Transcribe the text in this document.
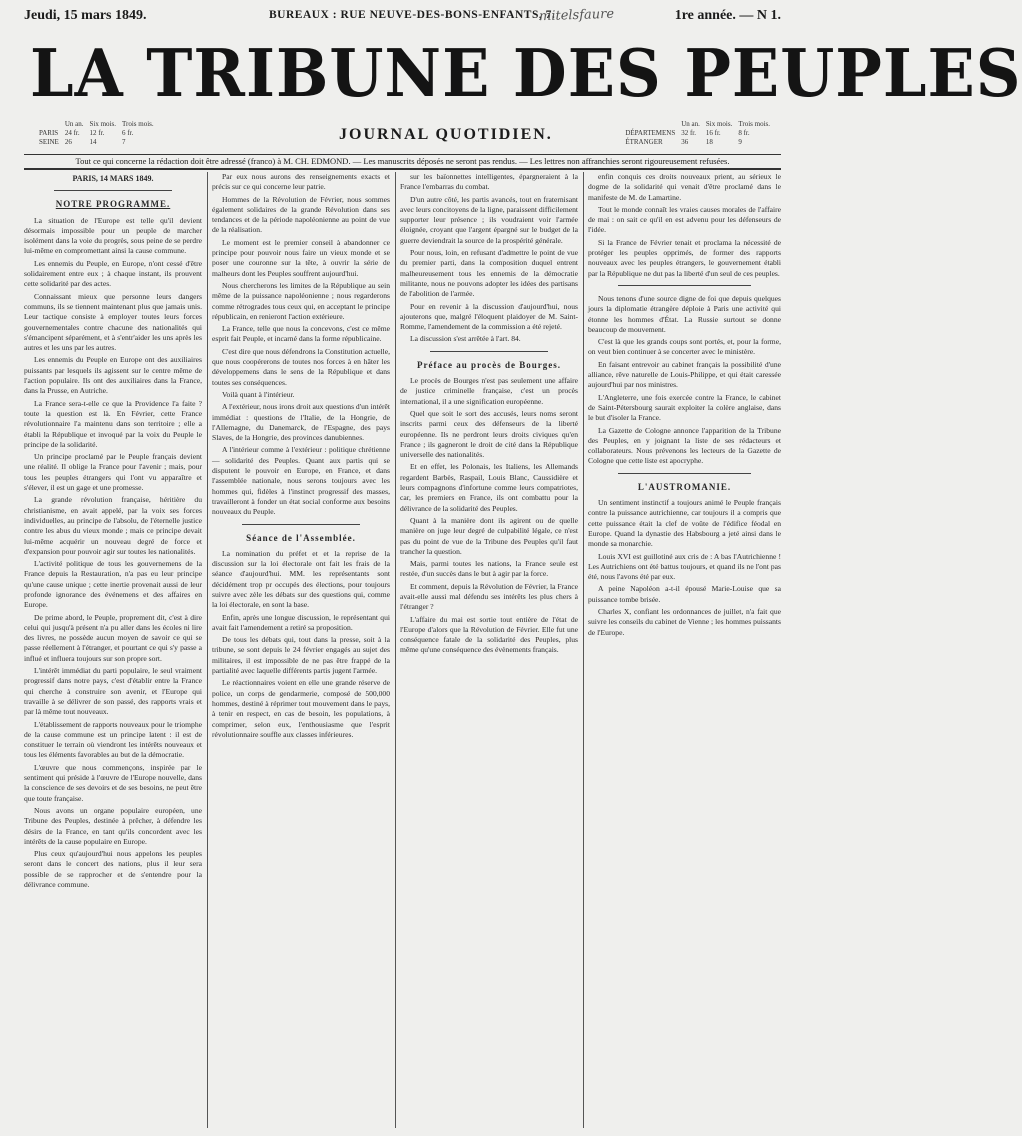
Jeudi, 15 mars 1849.	BUREAUX : RUE NEUVE-DES-BONS-ENFANTS, 7.
mitelsfaure	1re année. — N 1.
LA TRIBUNE DES PEUPLES
	Un an.	Six mois.	Trois mois.
PARIS	24 fr.	12 fr.	6 fr.
SEINE	26	14	7	JOURNAL QUOTIDIEN.
	Un an.	Six mois.	Trois mois.
DÉPARTEMENS	32 fr.	16 fr.	8 fr.
ÉTRANGER	36	18	9
Tout ce qui concerne la rédaction doit être adressé (franco) à M. CH. EDMOND. — Les manuscrits déposés ne seront pas rendus. — Les lettres non affranchies seront rigoureusement refusées.
PARIS, 14 MARS 1849.
NOTRE PROGRAMME.

La situation de l'Europe est telle qu'il devient désormais impossible pour un peuple de marcher isolément dans la voie du progrès, sous peine de se perdre lui-même en compromettant ainsi la cause commune.

Les ennemis du Peuple, en Europe, n'ont cessé d'être solidairement entre eux ; à chaque instant, ils prouvent cette solidarité par des actes.

Connaissant mieux que personne leurs dangers communs, ils se tiennent maintenant plus que jamais unis. Leur tactique consiste à employer toutes leurs forces gouvernementales contre chacune des nationalités qui s'émancipent séparément, et à s'entr'aider les uns après les autres et les uns par les autres.

Les ennemis du Peuple en Europe ont des auxiliaires puissants par lesquels ils agissent sur le centre même de l'action populaire. Ils ont des auxiliaires dans la France, dans la Prusse, en Autriche.

La France sera-t-elle ce que la Providence l'a faite ? toute la question est là. En Février, cette France révolutionnaire l'a maintenu dans son territoire ; elle a établi la République et invoqué par la voix du Peuple le principe de la solidarité.

Un principe proclamé par le Peuple français devient une réalité. Il oblige la France pour l'avenir ; mais, pour tous les peuples étrangers qui l'ont vu apparaître et s'élever, il est un gage et une promesse.

La grande révolution française, héritière du christianisme, en avait appelé, par la voix ses forces individuelles, au principe de l'absolu, de l'éternelle justice contre les abus du vieux monde ; mais ce principe devait lui-même acquérir un nouveau degré de force et d'expansion pour pouvoir agir sur toutes les nationalités.

L'activité politique de tous les gouvernemens de la France depuis la Restauration, n'a pas eu leur principe qu'une cause unique ; cette inertie provenait aussi de leur profonde ignorance des événemens et des affaires en Europe.

De prime abord, le Peuple, proprement dit, c'est à dire celui qui jusqu'à présent n'a pu aller dans les écoles ni lire des livres, ne possède aucun moyen de savoir ce qui se passe réellement à l'étranger, et pourtant ce qui s'y passe a influé et influera toujours sur son propre sort.

L'intérêt immédiat du parti populaire, le seul vraiment progressif dans notre pays, c'est d'établir entre la France qui cherche à construire son avenir, et l'Europe qui travaille à se délivrer de son passé, des rapports vrais et par là même tout nouveaux.

L'établissement de rapports nouveaux pour le triomphe de la cause commune est un principe latent : il est de constituer le terrain où viendront les intérêts nouveaux et tous les éléments favorables au but de la démocratie.

L'œuvre que nous commençons, inspirée par le sentiment qui préside à l'œuvre de l'Europe nouvelle, dans la conscience de ses devoirs et de ses besoins, ne peut être que toute française.

Nous avons un organe populaire européen, une Tribune des Peuples, destinée à prêcher, à défendre les désirs de la France, en tant qu'ils concordent avec les intérêts de la cause populaire en Europe.

Plus ceux qu'aujourd'hui nous appelons les peuples seront dans le concert des nations, plus il leur sera possible de se rapprocher et de s'entendre pour la délivrance commune.

Par eux nous aurons des renseignements exacts et précis sur ce qui concerne leur patrie.

Hommes de la Révolution de Février, nous sommes également solidaires de la grande Révolution dans ses tendances et de la période napoléonienne au point de vue de la réalisation.

Le moment est le premier conseil à abandonner ce principe pour pouvoir nous faire un vieux monde et se poser une couronne sur la tête, à ouvrir la série de malheurs dont les Peuples souffrent aujourd'hui.

Nous chercherons les limites de la République au sein même de la puissance napoléonienne ; nous regarderons comme rétrogrades tous ceux qui, en acceptant le principe républicain, en renieront l'action extérieure.

La France, telle que nous la concevons, c'est ce même esprit fait Peuple, et incarné dans la forme républicaine.

C'est dire que nous défendrons la Constitution actuelle, que nous coopérerons de toutes nos forces à en hâter les développemens dans le sens de la République et dans toutes ses conséquences.

Voilà quant à l'intérieur.

A l'extérieur, nous irons droit aux questions d'un intérêt immédiat : questions de l'Italie, de la Hongrie, de l'Allemagne, du Danemarck, de l'Espagne, des pays Slaves, de la Hongrie, des provinces danubiennes.

A l'intérieur comme à l'extérieur : politique chrétienne — solidarité des Peuples. Quant aux partis qui se disputent le pouvoir en Europe, en France, et dans l'assemblée nationale, nous serons toujours avec les hommes qui, fidèles à l'instinct progressif des masses, travailleront à fonder un état social conforme aux besoins nouveaux du Peuple.

Séance de l'Assemblée.

La nomination du préfet et et la reprise de la discussion sur la loi électorale ont fait les frais de la séance d'aujourd'hui. MM. les représentants sont décidément trop pr occupés des élections, pour toujours suivre avec zèle les débats sur des questions qui, comme la loi électorale, en sont la base.

Enfin, après une longue discussion, le représentant qui avait fait l'amendement a retiré sa proposition.

De tous les débats qui, tout dans la presse, soit à la tribune, se sont depuis le 24 février engagés au sujet des militaires, il est impossible de ne pas être frappé de la partialité avec laquelle différents partis jugent l'armée.

Le réactionnaires voient en elle une grande réserve de police, un corps de gendarmerie, composé de 500,000 hommes, destiné à réprimer tout mouvement dans le pays, à tenir en respect, en cas de besoin, les populations, à comprimer, selon eux, l'enthousiasme que l'esprit révolutionnaire souffle aux classes inférieures.

sur les baïonnettes intelligentes, épargneraient à la France l'embarras du combat.

D'un autre côté, les partis avancés, tout en fraternisant avec leurs concitoyens de la ligne, paraissent difficilement supporter leur présence ; ils voudraient voir l'armée éloignée, croyant que l'argent épargné sur le budget de la guerre deviendrait la source de la prospérité générale.

Pour nous, loin, en refusant d'admettre le point de vue du premier parti, dans la composition duquel entrent malheureusement tous les ennemis de la démocratie militante, nous ne pouvons adopter les idées des partisans de l'abolition de l'armée.

Pour en revenir à la discussion d'aujourd'hui, nous ajouterons que, malgré l'éloquent plaidoyer de M. Saint-Romme, l'amendement de la commission a été rejeté.

La discussion s'est arrêtée à l'art. 84.

Préface au procès de Bourges.

Le procès de Bourges n'est pas seulement une affaire de justice criminelle française, c'est un procès international, il a une signification européenne.

Quel que soit le sort des accusés, leurs noms seront inscrits parmi ceux des défenseurs de la liberté européenne. Ils ne perdront leurs droits civiques qu'en France ; ils gagneront le droit de cité dans la République universelle des nationalités.

Et en effet, les Polonais, les Italiens, les Allemands regardent Barbès, Raspail, Louis Blanc, Caussidière et leurs compagnons d'infortune comme leurs compatriotes, car, les premiers en France, ils ont combattu pour la délivrance de la solidarité des Peuples.

Quant à la manière dont ils agirent ou de quelle manière on juge leur degré de culpabilité légale, ce n'est pas du point de vue de la Tribune des Peuples qu'il faut trancher la question.

Mais, parmi toutes les nations, la France seule est restée, d'un succès dans le but à agir par la force.

Et comment, depuis la Révolution de Février, la France avait-elle aussi mal défendu ses intérêts les plus chers à l'étranger ?

L'affaire du mai est sortie tout entière de l'état de l'Europe d'alors que la Révolution de Février. Elle fut une conséquence fatale de la solidarité des Peuples, plus même qu'une conséquence des évènements français.

enfin conquis ces droits nouveaux prient, au sérieux le dogme de la solidarité qui venait d'être proclamé dans le manifeste de M. de Lamartine.

Tout le monde connaît les vraies causes morales de l'affaire de mai : on sait ce qu'il en est advenu pour les défenseurs de l'idée.

Si la France de Février tenait et proclama la nécessité de protéger les peuples opprimés, de former des rapports nouveaux avec les peuples étrangers, le gouvernement établi par la République ne dut pas la liberté d'un seul de ces peuples.

Nous tenons d'une source digne de foi que depuis quelques jours la diplomatie étrangère déploie à Paris une activité qui étonne les hommes d'État. La Russie surtout se donne beaucoup de mouvement.

C'est là que les grands coups sont portés, et, pour la forme, on veut bien continuer à se concerter avec le ministère.

En faisant entrevoir au cabinet français la possibilité d'une alliance, rêve naturelle de Louis-Philippe, et qui était caressée aujourd'hui par nos ministres.

L'Angleterre, une fois exercée contre la France, le cabinet de Saint-Pétersbourg saurait exploiter la colère anglaise, dans le but d'isoler la France.

La Gazette de Cologne annonce l'apparition de la Tribune des Peuples, en y joignant la liste de ses rédacteurs et collaborateurs. Nous prévenons les lecteurs de la Gazette de Cologne que cette liste est apocryphe.

L'AUSTROMANIE.

Un sentiment instinctif a toujours animé le Peuple français contre la puissance autrichienne, car toujours il a compris que cette puissance était la clef de voûte de l'édifice féodal en Europe. Quand la dynastie des Habsbourg a jeté ainsi dans le monde sa monarchie.

Louis XVI est guillotiné aux cris de : A bas l'Autrichienne ! Les Autrichiens ont été battus toujours, et quand ils ne l'ont pas été, nous l'avons été par eux.

A peine Napoléon a-t-il épousé Marie-Louise que sa puissance tombe brisée.

Charles X, confiant les ordonnances de juillet, n'a fait que suivre les conseils du cabinet de Vienne ; les hommes puissants de l'Europe.
